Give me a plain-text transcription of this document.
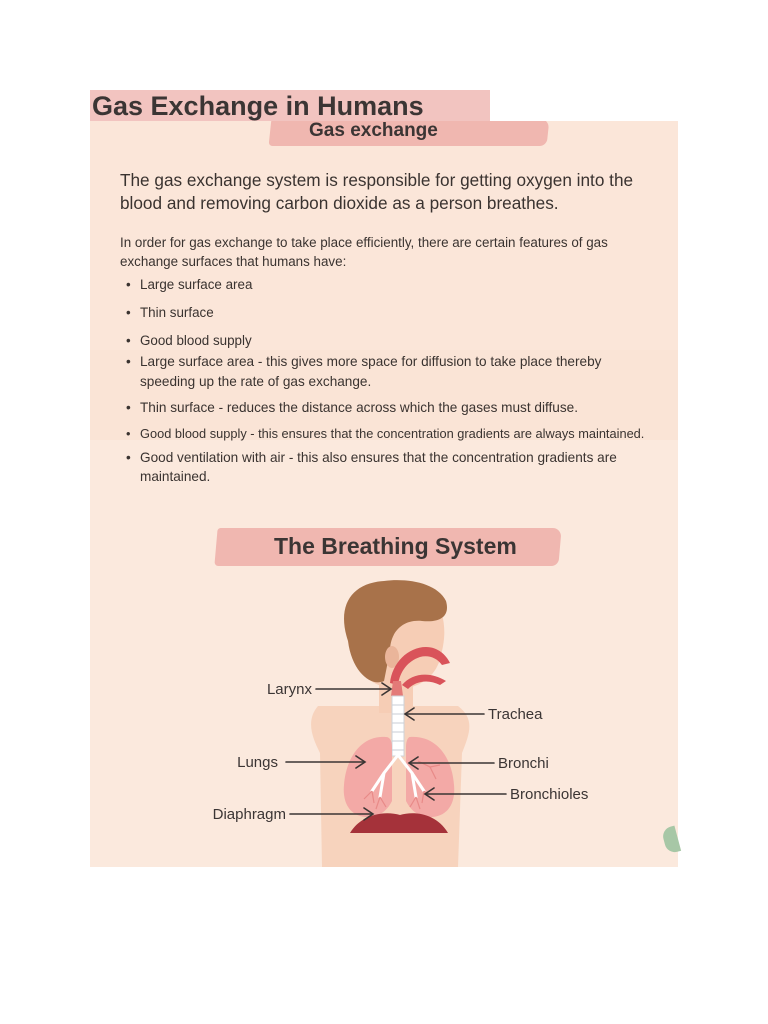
Gas Exchange in Humans
Gas exchange

The gas exchange system is responsible for getting oxygen into the blood and removing carbon dioxide as a person breathes.

In order for gas exchange to take place efficiently, there are certain features of gas exchange surfaces that humans have:

• Large surface area
• Thin surface
• Good blood supply
• Large surface area - this gives more space for diffusion to take place thereby speeding up the rate of gas exchange.
• Thin surface - reduces the distance across which the gases must diffuse.
• Good blood supply - this ensures that the concentration gradients are always maintained.
• Good ventilation with air - this also ensures that the concentration gradients are maintained.
The Breathing System
Larynx
Trachea
Lungs	Bronchi
Bronchioles
Diaphragm
